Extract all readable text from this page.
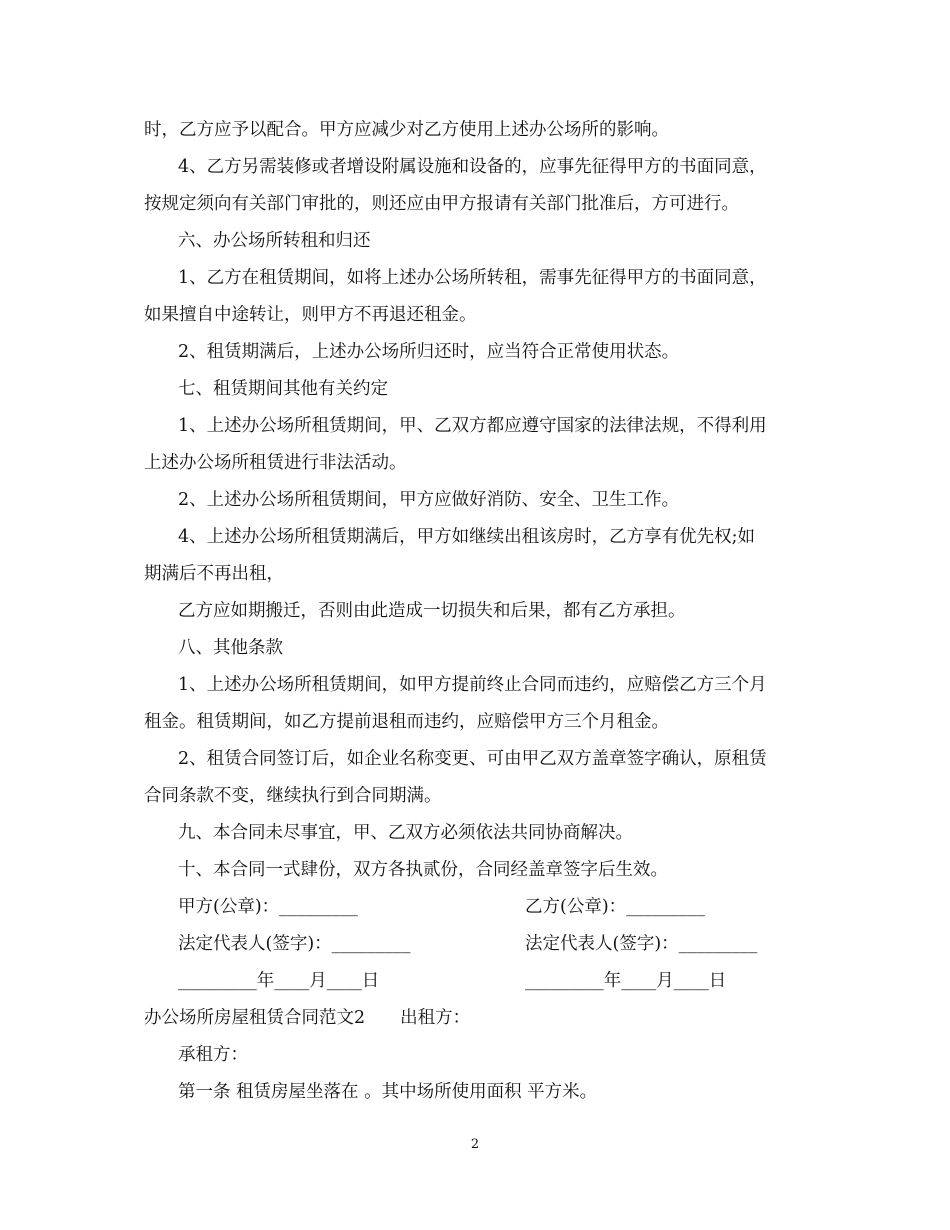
时，乙方应予以配合。甲方应减少对乙方使用上述办公场所的影响。
4、乙方另需装修或者增设附属设施和设备的，应事先征得甲方的书面同意，
按规定须向有关部门审批的，则还应由甲方报请有关部门批准后，方可进行。
六、办公场所转租和归还
1、乙方在租赁期间，如将上述办公场所转租，需事先征得甲方的书面同意，
如果擅自中途转让，则甲方不再退还租金。
2、租赁期满后，上述办公场所归还时，应当符合正常使用状态。
七、租赁期间其他有关约定
1、上述办公场所租赁期间，甲、乙双方都应遵守国家的法律法规，不得利用
上述办公场所租赁进行非法活动。
2、上述办公场所租赁期间，甲方应做好消防、安全、卫生工作。
4、上述办公场所租赁期满后，甲方如继续出租该房时，乙方享有优先权;如
期满后不再出租，
乙方应如期搬迁，否则由此造成一切损失和后果，都有乙方承担。
八、其他条款
1、上述办公场所租赁期间，如甲方提前终止合同而违约，应赔偿乙方三个月
租金。租赁期间，如乙方提前退租而违约，应赔偿甲方三个月租金。
2、租赁合同签订后，如企业名称变更、可由甲乙双方盖章签字确认，原租赁
合同条款不变，继续执行到合同期满。
九、本合同未尽事宜，甲、乙双方必须依法共同协商解决。
十、本合同一式肆份，双方各执贰份，合同经盖章签字后生效。
甲方(公章)：_________	乙方(公章)：_________
法定代表人(签字)：_________	法定代表人(签字)：_________
_________年____月____日	_________年____月____日
办公场所房屋租赁合同范文2　　出租方：
承租方：
第一条 租赁房屋坐落在 。其中场所使用面积 平方米。
2
